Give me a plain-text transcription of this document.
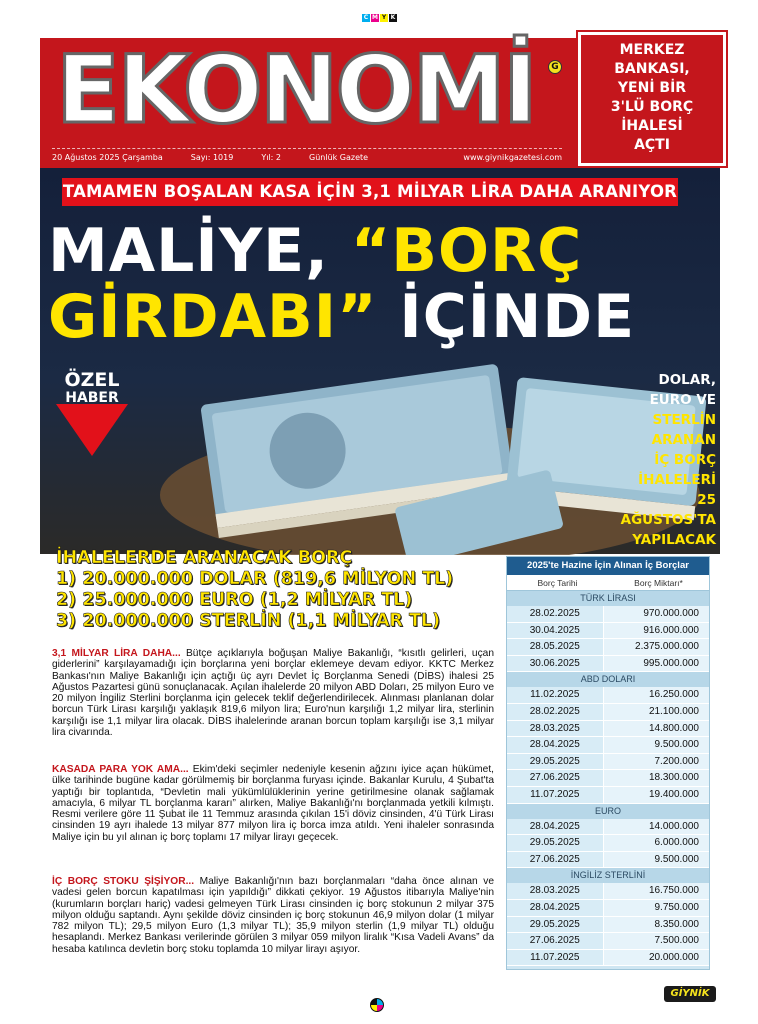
C M Y K
EKONOMİ	G
20 Ağustos 2025 Çarşamba	Sayı: 1019	Yıl: 2	Günlük Gazete	www.giynikgazetesi.com
MERKEZ
BANKASI,
YENİ BİR
3'LÜ BORÇ
İHALESİ
AÇTI
TAMAMEN BOŞALAN KASA İÇİN 3,1 MİLYAR LİRA DAHA ARANIYOR
MALİYE, “BORÇ
GİRDABI” İÇİNDE
ÖZEL
HABER
DOLAR,
EURO VE
STERLİN
ARANAN
İÇ BORÇ
İHALELERİ
25 AĞUSTOS'TA
YAPILACAK
İHALELERDE ARANACAK BORÇ
1) 20.000.000 DOLAR (819,6 MİLYON TL)
2) 25.000.000 EURO (1,2 MİLYAR TL)
3) 20.000.000 STERLİN (1,1 MİLYAR TL)

3,1 MİLYAR LİRA DAHA... Bütçe açıklarıyla boğuşan Maliye Bakanlığı, “kısıtlı gelirleri, uçan giderlerini” karşılayamadığı için borçlarına yeni borçlar eklemeye devam ediyor. KKTC Merkez Bankası'nın Maliye Bakanlığı için açtığı üç ayrı Devlet İç Borçlanma Senedi (DİBS) ihalesi 25 Ağustos Pazartesi günü sonuçlanacak. Açılan ihalelerde 20 milyon ABD Doları, 25 milyon Euro ve 20 milyon İngiliz Sterlini borçlanma için gelecek teklif değerlendirilecek. Alınması planlanan dolar borcun Türk Lirası karşılığı yaklaşık 819,6 milyon lira; Euro'nun karşılığı 1,2 milyar lira, sterlinin karşılığı ise 1,1 milyar lira olacak. DİBS ihalelerinde aranan borcun toplam karşılığı ise 3,1 milyar lira civarında.

KASADA PARA YOK AMA... Ekim'deki seçimler nedeniyle kesenin ağzını iyice açan hükümet, ülke tarihinde bugüne kadar görülmemiş bir borçlanma furyası içinde. Bakanlar Kurulu, 4 Şubat'ta yaptığı bir toplantıda, “Devletin mali yükümlülüklerinin yerine getirilmesine olanak sağlamak amacıyla, 6 milyar TL borçlanma kararı” alırken, Maliye Bakanlığı'nı borçlanmada yetkili kılmıştı. Resmi verilere göre 11 Şubat ile 11 Temmuz arasında çıkılan 15'i döviz cinsinden, 4'ü Türk Lirası cinsinden 19 ayrı ihalede 13 milyar 877 milyon lira iç borca imza atıldı. Yeni ihaleler sonrasında Maliye için bu yıl alınan iç borç toplamı 17 milyar lirayı geçecek.

İÇ BORÇ STOKU ŞİŞİYOR... Maliye Bakanlığı'nın bazı borçlanmaları “daha önce alınan ve vadesi gelen borcun kapatılması için yapıldığı” dikkati çekiyor. 19 Ağustos itibarıyla Maliye'nin (kurumların borçları hariç) vadesi gelmeyen Türk Lirası cinsinden iç borç stokunun 2 milyar 375 milyon olduğu saptandı. Aynı şekilde döviz cinsinden iç borç stokunun 46,9 milyon dolar (1 milyar 782 milyon TL); 29,5 milyon Euro (1,3 milyar TL); 35,9 milyon sterlin (1,9 milyar TL) olduğu hesaplandı. Merkez Bankası verilerinde görülen 3 milyar 059 milyon liralık “Kısa Vadeli Avans” da hesaba katılınca devletin borç stoku toplamda 10 milyar lirayı aşıyor.

2025'te Hazine İçin Alınan İç Borçlar
Borç Tarihi	Borç Miktarı*
TÜRK LİRASI
28.02.2025	970.000.000
30.04.2025	916.000.000
28.05.2025	2.375.000.000
30.06.2025	995.000.000
ABD DOLARI
11.02.2025	16.250.000
28.02.2025	21.100.000
28.03.2025	14.800.000
28.04.2025	9.500.000
29.05.2025	7.200.000
27.06.2025	18.300.000
11.07.2025	19.400.000
EURO
28.04.2025	14.000.000
29.05.2025	6.000.000
27.06.2025	9.500.000
İNGİLİZ STERLİNİ
28.03.2025	16.750.000
28.04.2025	9.750.000
29.05.2025	8.350.000
27.06.2025	7.500.000
11.07.2025	20.000.000
GİYNİK
